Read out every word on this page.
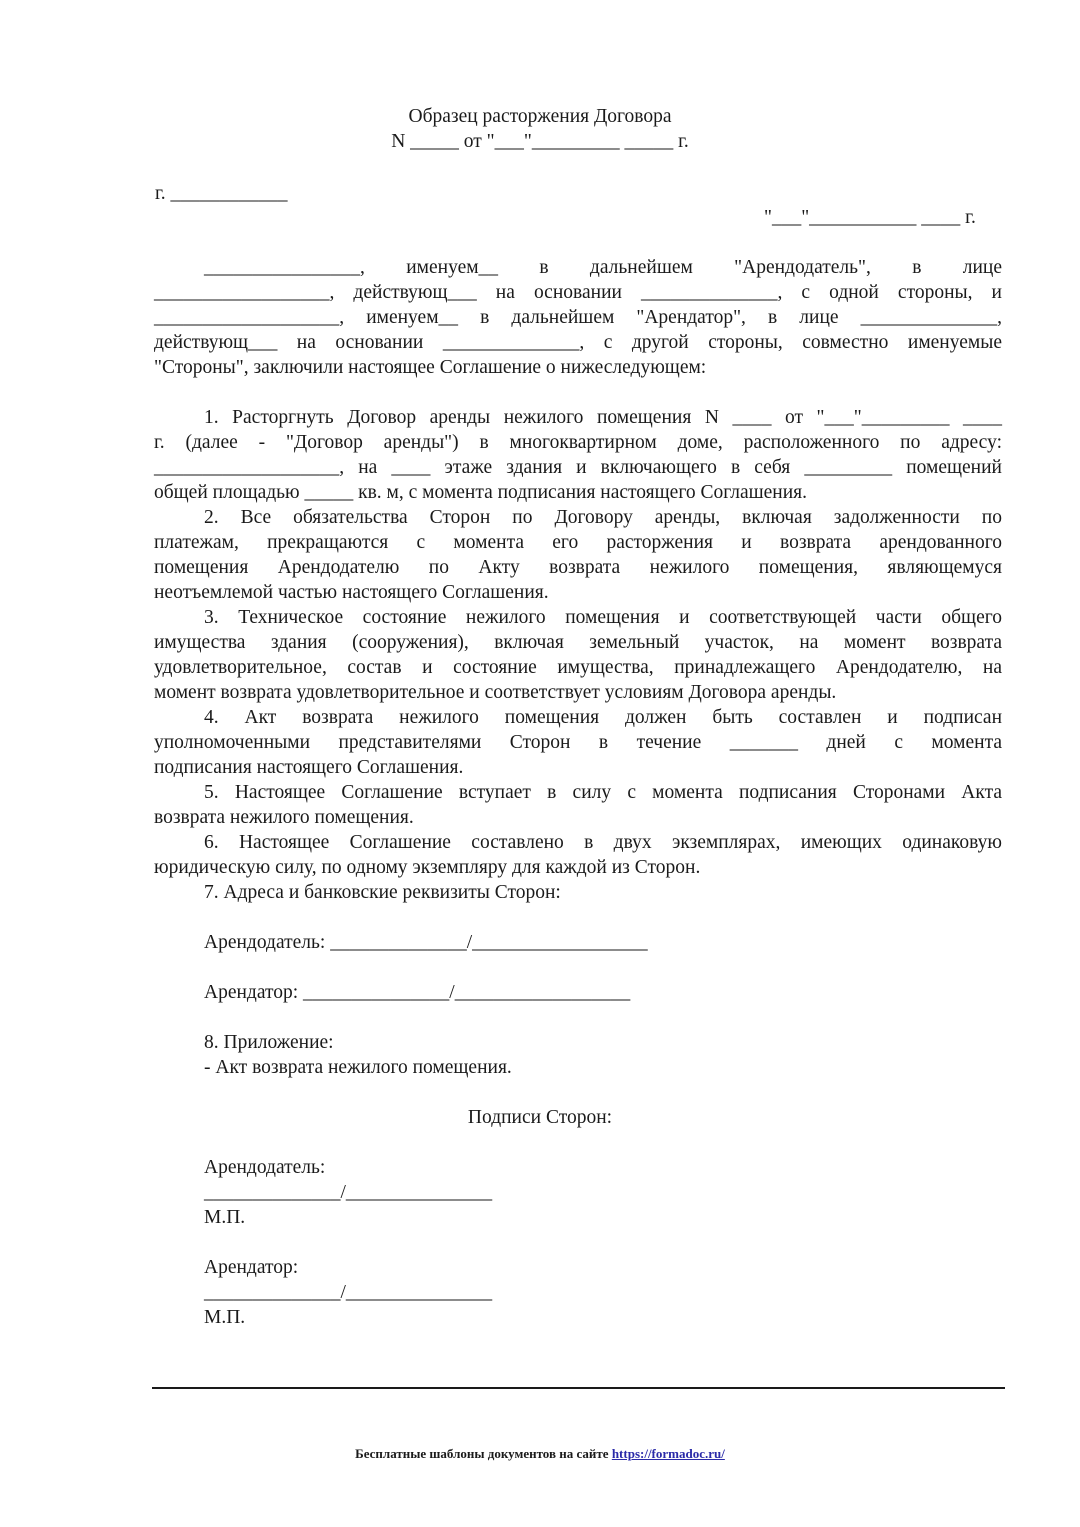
Образец расторжения Договора
N _____ от "___"_________ _____ г.
г. ____________
"___"___________ ____ г.
________________, именуем__ в дальнейшем "Арендодатель", в лице
__________________, действующ___ на основании ______________, с одной стороны, и
___________________, именуем__ в дальнейшем "Арендатор", в лице ______________,
действующ___ на основании ______________, с другой стороны, совместно именуемые
"Стороны", заключили настоящее Соглашение о нижеследующем:
1. Расторгнуть Договор аренды нежилого помещения N ____ от "___"_________ ____
г. (далее - "Договор аренды") в многоквартирном доме, расположенного по адресу:
___________________, на ____ этаже здания и включающего в себя _________ помещений
общей площадью _____ кв. м, с момента подписания настоящего Соглашения.
2. Все обязательства Сторон по Договору аренды, включая задолженности по
платежам, прекращаются с момента его расторжения и возврата арендованного
помещения Арендодателю по Акту возврата нежилого помещения, являющемуся
неотъемлемой частью настоящего Соглашения.
3. Техническое состояние нежилого помещения и соответствующей части общего
имущества здания (сооружения), включая земельный участок, на момент возврата
удовлетворительное, состав и состояние имущества, принадлежащего Арендодателю, на
момент возврата удовлетворительное и соответствует условиям Договора аренды.
4. Акт возврата нежилого помещения должен быть составлен и подписан
уполномоченными представителями Сторон в течение _______ дней с момента
подписания настоящего Соглашения.
5. Настоящее Соглашение вступает в силу с момента подписания Сторонами Акта
возврата нежилого помещения.
6. Настоящее Соглашение составлено в двух экземплярах, имеющих одинаковую
юридическую силу, по одному экземпляру для каждой из Сторон.
7. Адреса и банковские реквизиты Сторон:
Арендодатель: ______________/__________________
Арендатор: _______________/__________________
8. Приложение:
- Акт возврата нежилого помещения.
Подписи Сторон:
Арендодатель:
______________/_______________
М.П.
Арендатор:
______________/_______________
М.П.
Бесплатные шаблоны документов на сайте https://formadoc.ru/
